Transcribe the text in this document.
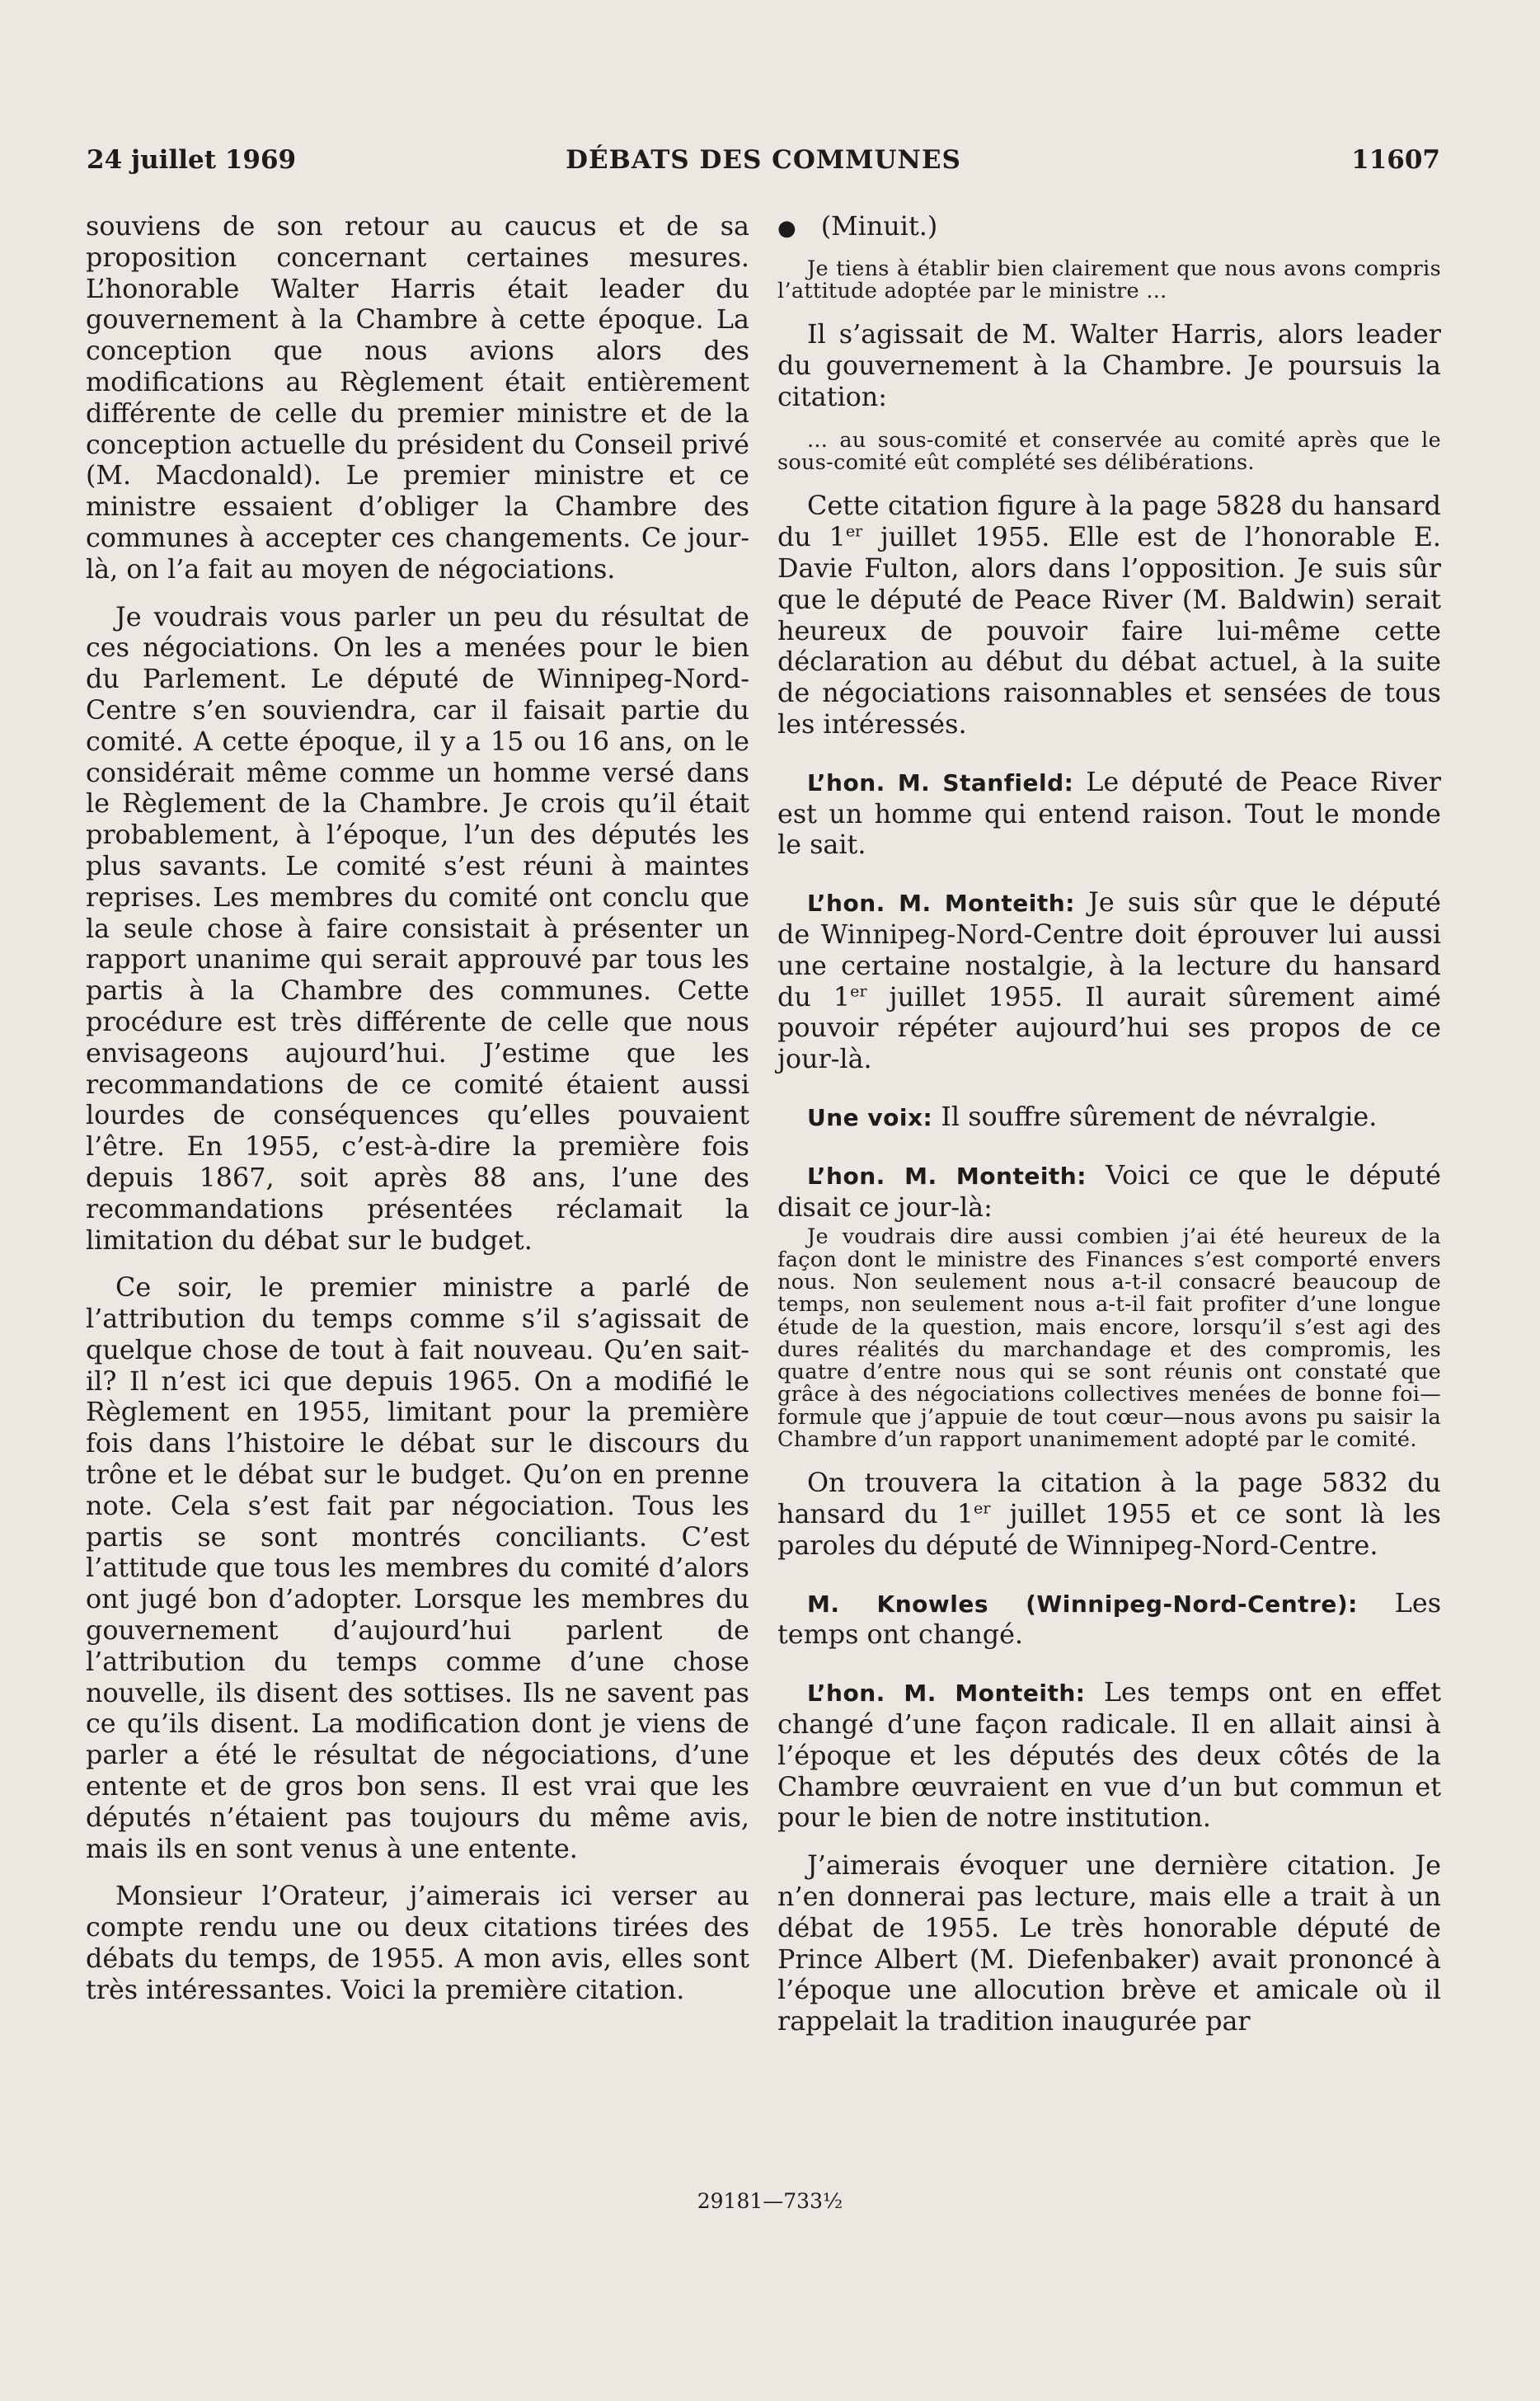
24 juillet 1969	DÉBATS DES COMMUNES	11607

souviens de son retour au caucus et de sa proposition concernant certaines mesures. L’honorable Walter Harris était leader du gouvernement à la Chambre à cette époque. La conception que nous avions alors des modifications au Règlement était entièrement différente de celle du premier ministre et de la conception actuelle du président du Conseil privé (M. Macdonald). Le premier ministre et ce ministre essaient d’obliger la Chambre des communes à accepter ces changements. Ce jour-là, on l’a fait au moyen de négociations.

Je voudrais vous parler un peu du résultat de ces négociations. On les a menées pour le bien du Parlement. Le député de Winnipeg-Nord-Centre s’en souviendra, car il faisait partie du comité. A cette époque, il y a 15 ou 16 ans, on le considérait même comme un homme versé dans le Règlement de la Chambre. Je crois qu’il était probablement, à l’époque, l’un des députés les plus savants. Le comité s’est réuni à maintes reprises. Les membres du comité ont conclu que la seule chose à faire consistait à présenter un rapport unanime qui serait approuvé par tous les partis à la Chambre des communes. Cette procédure est très différente de celle que nous envisageons aujourd’hui. J’estime que les recommandations de ce comité étaient aussi lourdes de conséquences qu’elles pouvaient l’être. En 1955, c’est-à-dire la première fois depuis 1867, soit après 88 ans, l’une des recommandations présentées réclamait la limitation du débat sur le budget.

Ce soir, le premier ministre a parlé de l’attribution du temps comme s’il s’agissait de quelque chose de tout à fait nouveau. Qu’en sait-il? Il n’est ici que depuis 1965. On a modifié le Règlement en 1955, limitant pour la première fois dans l’histoire le débat sur le discours du trône et le débat sur le budget. Qu’on en prenne note. Cela s’est fait par négociation. Tous les partis se sont montrés conciliants. C’est l’attitude que tous les membres du comité d’alors ont jugé bon d’adopter. Lorsque les membres du gouvernement d’aujourd’hui parlent de l’attribution du temps comme d’une chose nouvelle, ils disent des sottises. Ils ne savent pas ce qu’ils disent. La modification dont je viens de parler a été le résultat de négociations, d’une entente et de gros bon sens. Il est vrai que les députés n’étaient pas toujours du même avis, mais ils en sont venus à une entente.

Monsieur l’Orateur, j’aimerais ici verser au compte rendu une ou deux citations tirées des débats du temps, de 1955. A mon avis, elles sont très intéressantes. Voici la première citation.

● (Minuit.)

Je tiens à établir bien clairement que nous avons compris l’attitude adoptée par le ministre ...

Il s’agissait de M. Walter Harris, alors leader du gouvernement à la Chambre. Je poursuis la citation:

... au sous-comité et conservée au comité après que le sous-comité eût complété ses délibérations.

Cette citation figure à la page 5828 du hansard du 1er juillet 1955. Elle est de l’honorable E. Davie Fulton, alors dans l’opposition. Je suis sûr que le député de Peace River (M. Baldwin) serait heureux de pouvoir faire lui-même cette déclaration au début du débat actuel, à la suite de négociations raisonnables et sensées de tous les intéressés.

L’hon. M. Stanfield: Le député de Peace River est un homme qui entend raison. Tout le monde le sait.

L’hon. M. Monteith: Je suis sûr que le député de Winnipeg-Nord-Centre doit éprouver lui aussi une certaine nostalgie, à la lecture du hansard du 1er juillet 1955. Il aurait sûrement aimé pouvoir répéter aujourd’hui ses propos de ce jour-là.

Une voix: Il souffre sûrement de névralgie.

L’hon. M. Monteith: Voici ce que le député disait ce jour-là:

Je voudrais dire aussi combien j’ai été heureux de la façon dont le ministre des Finances s’est comporté envers nous. Non seulement nous a-t-il consacré beaucoup de temps, non seulement nous a-t-il fait profiter d’une longue étude de la question, mais encore, lorsqu’il s’est agi des dures réalités du marchandage et des compromis, les quatre d’entre nous qui se sont réunis ont constaté que grâce à des négociations collectives menées de bonne foi—formule que j’appuie de tout cœur—nous avons pu saisir la Chambre d’un rapport unanimement adopté par le comité.

On trouvera la citation à la page 5832 du hansard du 1er juillet 1955 et ce sont là les paroles du député de Winnipeg-Nord-Centre.

M. Knowles (Winnipeg-Nord-Centre): Les temps ont changé.

L’hon. M. Monteith: Les temps ont en effet changé d’une façon radicale. Il en allait ainsi à l’époque et les députés des deux côtés de la Chambre œuvraient en vue d’un but commun et pour le bien de notre institution.

J’aimerais évoquer une dernière citation. Je n’en donnerai pas lecture, mais elle a trait à un débat de 1955. Le très honorable député de Prince Albert (M. Diefenbaker) avait prononcé à l’époque une allocution brève et amicale où il rappelait la tradition inaugurée par

29181—733½
